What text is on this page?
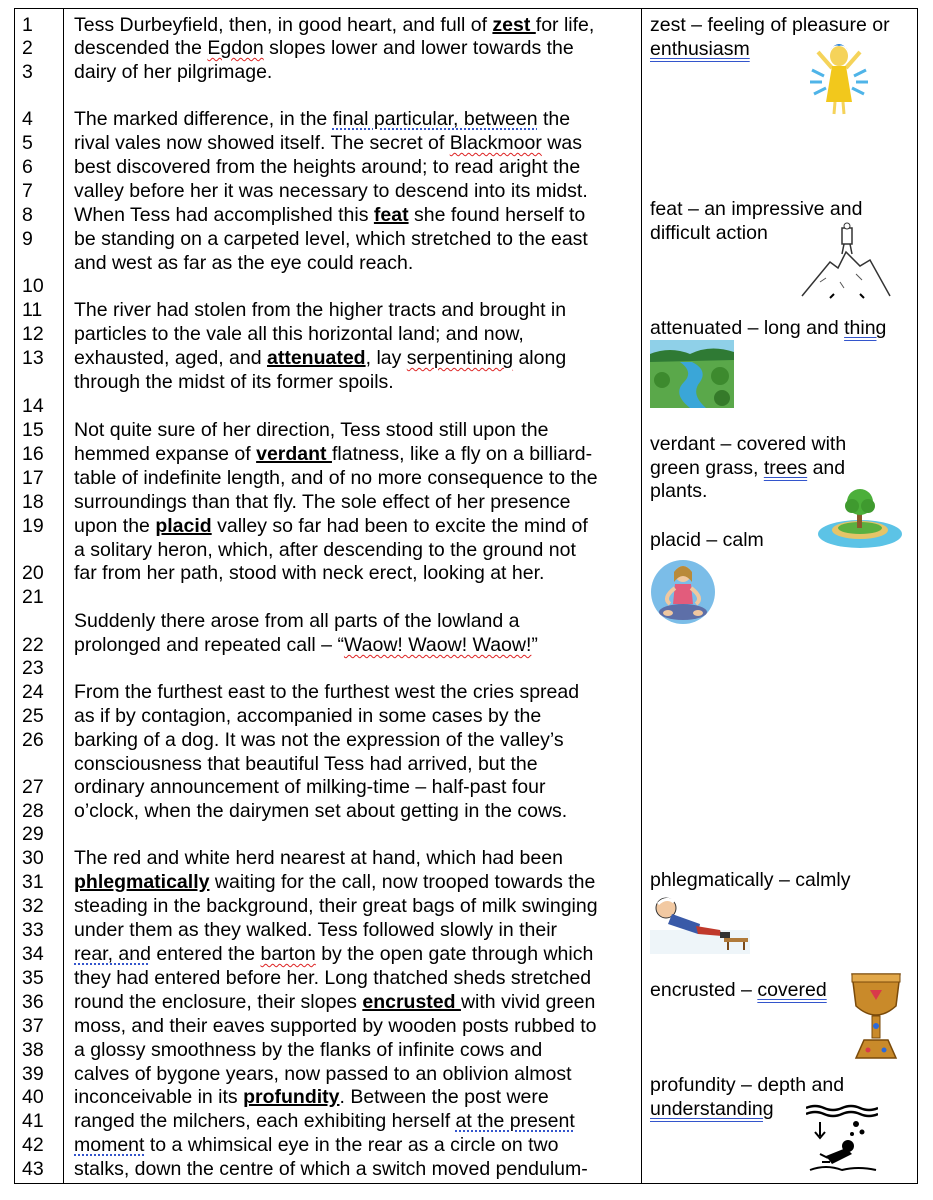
1
2
3
4
5
6
7
8
9
10
11
12
13
14
15
16
17
18
19
20
21
22
23
24
25
26
27
28
29
30
31
32
33
34
35
36
37
38
39
40
41
42
43
Tess Durbeyfield, then, in good heart, and full of zest for life,
descended the Egdon slopes lower and lower towards the
dairy of her pilgrimage.
The marked difference, in the final particular, between the
rival vales now showed itself. The secret of Blackmoor was
best discovered from the heights around; to read aright the
valley before her it was necessary to descend into its midst.
When Tess had accomplished this feat she found herself to
be standing on a carpeted level, which stretched to the east
and west as far as the eye could reach.
The river had stolen from the higher tracts and brought in
particles to the vale all this horizontal land; and now,
exhausted, aged, and attenuated, lay serpentining along
through the midst of its former spoils.
Not quite sure of her direction, Tess stood still upon the
hemmed expanse of verdant flatness, like a fly on a billiard-
table of indefinite length, and of no more consequence to the
surroundings than that fly. The sole effect of her presence
upon the placid valley so far had been to excite the mind of
a solitary heron, which, after descending to the ground not
far from her path, stood with neck erect, looking at her.
Suddenly there arose from all parts of the lowland a
prolonged and repeated call – “Waow! Waow! Waow!”
From the furthest east to the furthest west the cries spread
as if by contagion, accompanied in some cases by the
barking of a dog. It was not the expression of the valley’s
consciousness that beautiful Tess had arrived, but the
ordinary announcement of milking-time – half-past four
o’clock, when the dairymen set about getting in the cows.
The red and white herd nearest at hand, which had been
phlegmatically waiting for the call, now trooped towards the
steading in the background, their great bags of milk swinging
under them as they walked. Tess followed slowly in their
rear, and entered the barton by the open gate through which
they had entered before her. Long thatched sheds stretched
round the enclosure, their slopes encrusted with vivid green
moss, and their eaves supported by wooden posts rubbed to
a glossy smoothness by the flanks of infinite cows and
calves of bygone years, now passed to an oblivion almost
inconceivable in its profundity. Between the post were
ranged the milchers, each exhibiting herself at the present
moment to a whimsical eye in the rear as a circle on two
stalks, down the centre of which a switch moved pendulum-
zest – feeling of pleasure or
enthusiasm
feat – an impressive and
difficult action
attenuated – long and thing
verdant – covered with
green grass, trees and
plants.
placid – calm
phlegmatically – calmly
encrusted – covered
profundity – depth and
understanding
